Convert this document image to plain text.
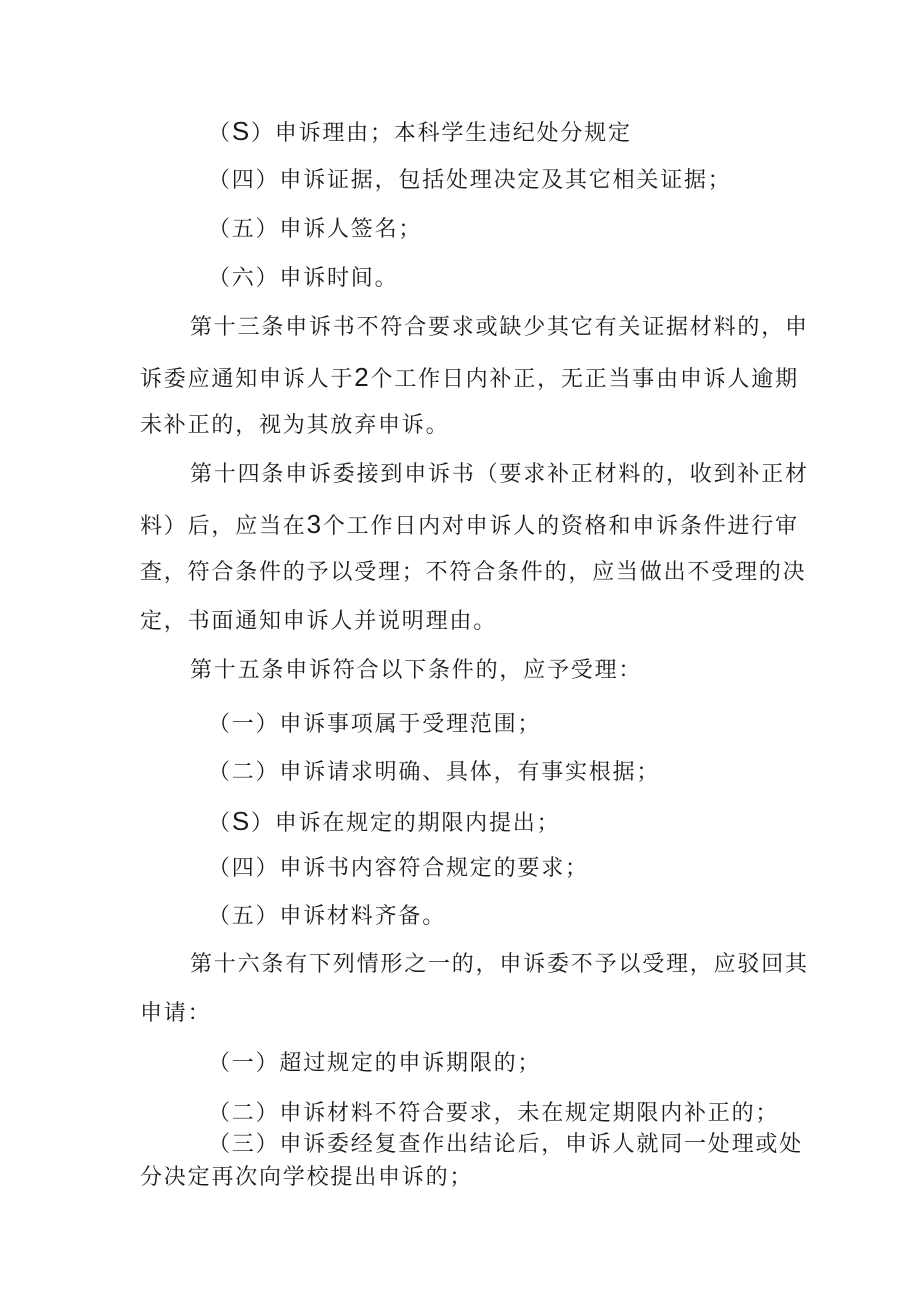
（S）申诉理由；本科学生违纪处分规定
（四）申诉证据，包括处理决定及其它相关证据；
（五）申诉人签名；
（六）申诉时间。
第十三条申诉书不符合要求或缺少其它有关证据材料的，申
诉委应通知申诉人于2个工作日内补正，无正当事由申诉人逾期
未补正的，视为其放弃申诉。
第十四条申诉委接到申诉书（要求补正材料的，收到补正材
料）后，应当在3个工作日内对申诉人的资格和申诉条件进行审
查，符合条件的予以受理；不符合条件的，应当做出不受理的决
定，书面通知申诉人并说明理由。
第十五条申诉符合以下条件的，应予受理：
（一）申诉事项属于受理范围；
（二）申诉请求明确、具体，有事实根据；
（S）申诉在规定的期限内提出；
（四）申诉书内容符合规定的要求；
（五）申诉材料齐备。
第十六条有下列情形之一的，申诉委不予以受理，应驳回其
申请：
（一）超过规定的申诉期限的；
（二）申诉材料不符合要求，未在规定期限内补正的；
（三）申诉委经复查作出结论后，申诉人就同一处理或处
分决定再次向学校提出申诉的；
